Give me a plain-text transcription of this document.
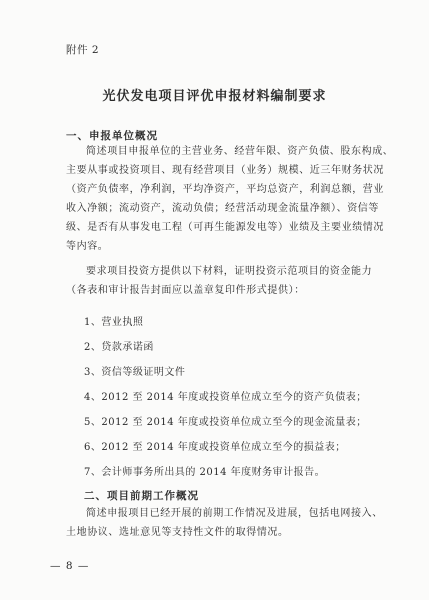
附件 2
光伏发电项目评优申报材料编制要求
一、申报单位概况
简述项目申报单位的主营业务、经营年限、资产负债、股东构成、
主要从事或投资项目、现有经营项目（业务）规模、近三年财务状况
（资产负债率，净利润，平均净资产，平均总资产，利润总额，营业
收入净额；流动资产，流动负债；经营活动现金流量净额）、资信等
级、是否有从事发电工程（可再生能源发电等）业绩及主要业绩情况
等内容。
要求项目投资方提供以下材料，证明投资示范项目的资金能力
（各表和审计报告封面应以盖章复印件形式提供）：
1、营业执照
2、贷款承诺函
3、资信等级证明文件
4、2012 至 2014 年度或投资单位成立至今的资产负债表；
5、2012 至 2014 年度或投资单位成立至今的现金流量表；
6、2012 至 2014 年度或投资单位成立至今的损益表；
7、会计师事务所出具的 2014 年度财务审计报告。
二、项目前期工作概况
简述申报项目已经开展的前期工作情况及进展，包括电网接入、
土地协议、选址意见等支持性文件的取得情况。
— 8 —
